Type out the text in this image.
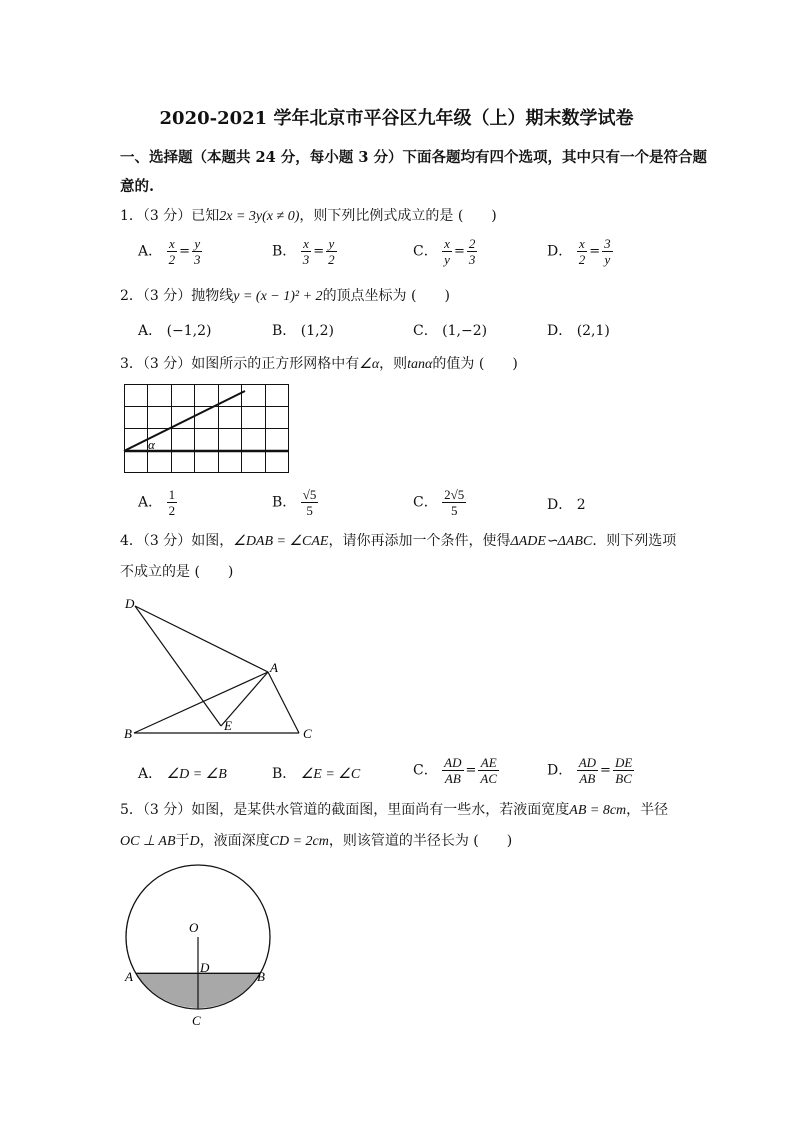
2020-2021 学年北京市平谷区九年级（上）期末数学试卷
一、选择题（本题共 24 分，每小题 3 分）下面各题均有四个选项，其中只有一个是符合题
意的.
1．（3 分）已知2x = 3y(x ≠ 0)，则下列比例式成立的是 (　　)
A． $\frac{x}{2} = \frac{y}{3}$	B． $\frac{x}{3} = \frac{y}{2}$	C． $\frac{x}{y} = \frac{2}{3}$	D． $\frac{x}{2} = \frac{3}{y}$
2．（3 分）抛物线y = (x − 1)² + 2的顶点坐标为 (　　)
A． (−1,2)	B． (1,2)	C． (1,−2)	D． (2,1)
3．（3 分）如图所示的正方形网格中有∠α，则tanα的值为 (　　)
α
A． $\frac{1}{2}$	B． $\frac{√5}{5}$	C． $\frac{2√5}{5}$	D． 2
4．（3 分）如图，∠DAB = ∠CAE，请你再添加一个条件，使得ΔADE∽ΔABC．则下列选项
不成立的是 (　　)
D
A
B
E
C
A． ∠D = ∠B	B． ∠E = ∠C	C． $\frac{AD}{AB} = \frac{AE}{AC}$	D． $\frac{AD}{AB} = \frac{DE}{BC}$
5．（3 分）如图，是某供水管道的截面图，里面尚有一些水，若液面宽度AB = 8cm，半径
OC ⊥ AB于D，液面深度CD = 2cm，则该管道的半径长为 (　　)
O
D
A	B
C
